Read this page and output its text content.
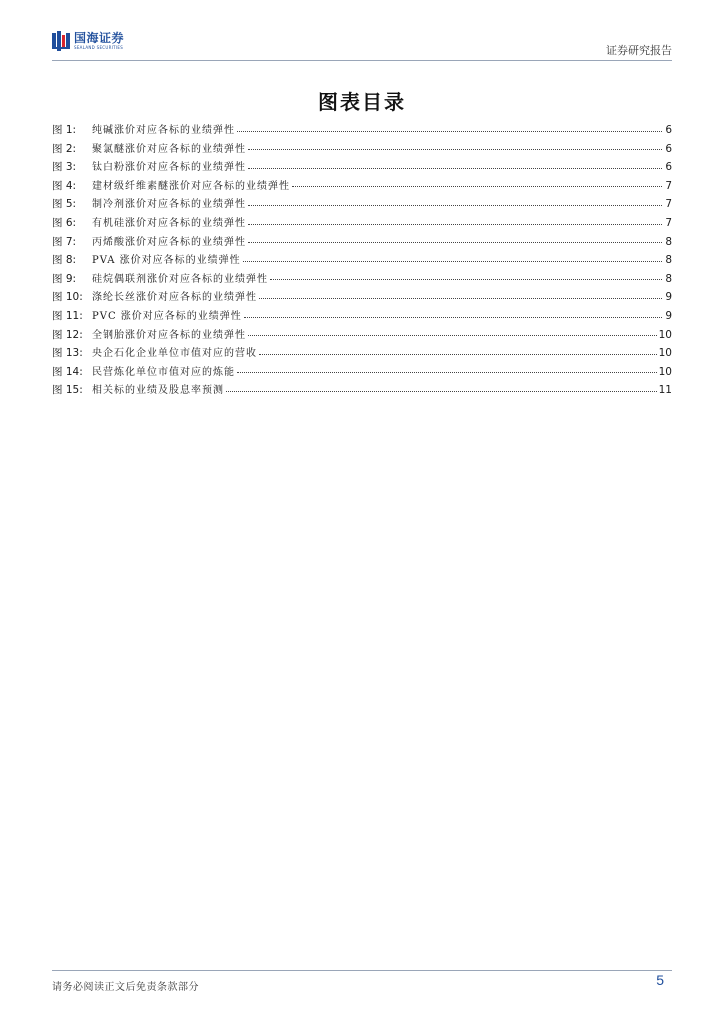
国海证券
SEALAND SECURITIES	证券研究报告
图表目录
图 1:	纯碱涨价对应各标的业绩弹性	6
图 2:	聚氯醚涨价对应各标的业绩弹性	6
图 3:	钛白粉涨价对应各标的业绩弹性	6
图 4:	建材级纤维素醚涨价对应各标的业绩弹性	7
图 5:	制冷剂涨价对应各标的业绩弹性	7
图 6:	有机硅涨价对应各标的业绩弹性	7
图 7:	丙烯酸涨价对应各标的业绩弹性	8
图 8:	PVA 涨价对应各标的业绩弹性	8
图 9:	硅烷偶联剂涨价对应各标的业绩弹性	8
图 10: 涤纶长丝涨价对应各标的业绩弹性	9
图 11: PVC 涨价对应各标的业绩弹性	9
图 12: 全钢胎涨价对应各标的业绩弹性	10
图 13: 央企石化企业单位市值对应的营收	10
图 14: 民营炼化单位市值对应的炼能	10
图 15: 相关标的业绩及股息率预测	11
请务必阅读正文后免责条款部分	5
